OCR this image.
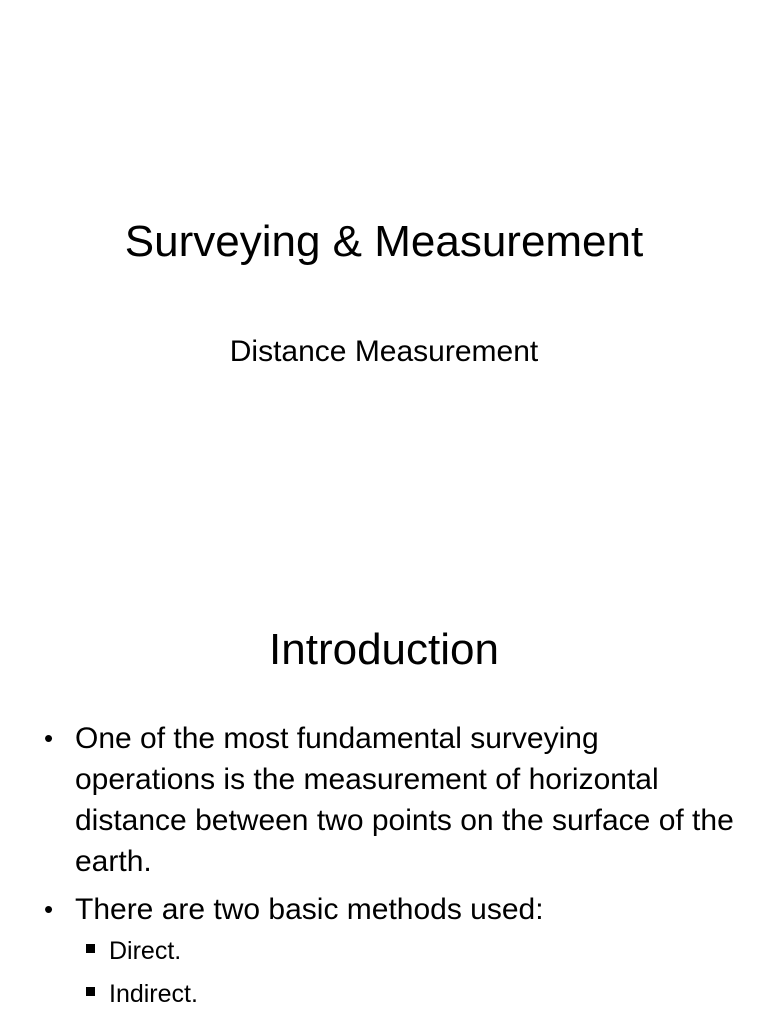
Surveying & Measurement

Distance Measurement

Introduction
• One of the most fundamental surveying operations is the measurement of horizontal distance between two points on the surface of the earth.
• There are two basic methods used:
Direct.
Indirect.
